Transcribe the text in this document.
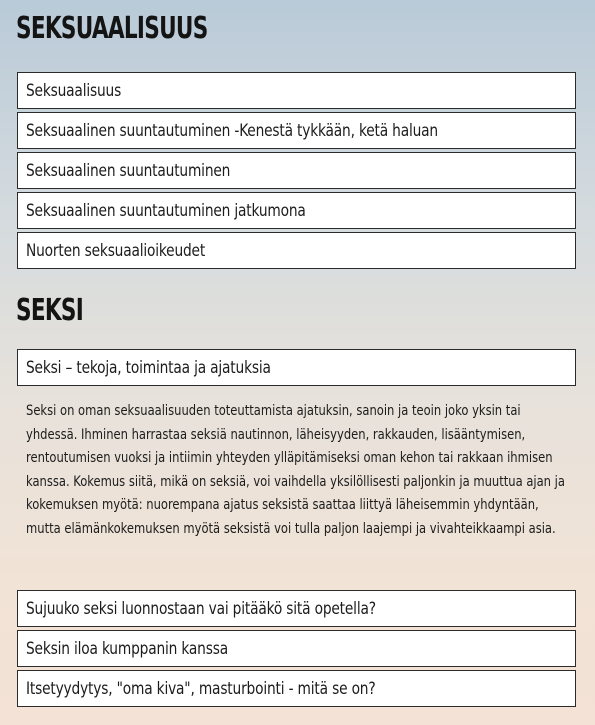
SEKSUAALISUUS
Seksuaalisuus
Seksuaalinen suuntautuminen -Kenestä tykkään, ketä haluan
Seksuaalinen suuntautuminen
Seksuaalinen suuntautuminen jatkumona
Nuorten seksuaalioikeudet
SEKSI
Seksi – tekoja, toimintaa ja ajatuksia

Seksi on oman seksuaalisuuden toteuttamista ajatuksin, sanoin ja teoin joko yksin tai yhdessä. Ihminen harrastaa seksiä nautinnon, läheisyyden, rakkauden, lisääntymisen, rentoutumisen vuoksi ja intiimin yhteyden ylläpitämiseksi oman kehon tai rakkaan ihmisen kanssa. Kokemus siitä, mikä on seksiä, voi vaihdella yksilöllisesti paljonkin ja muuttua ajan ja kokemuksen myötä: nuorempana ajatus seksistä saattaa liittyä läheisemmin yhdyntään, mutta elämänkokemuksen myötä seksistä voi tulla paljon laajempi ja vivahteikkaampi asia.

Sujuuko seksi luonnostaan vai pitääkö sitä opetella?
Seksin iloa kumppanin kanssa
Itsetyydytys, "oma kiva", masturbointi - mitä se on?
